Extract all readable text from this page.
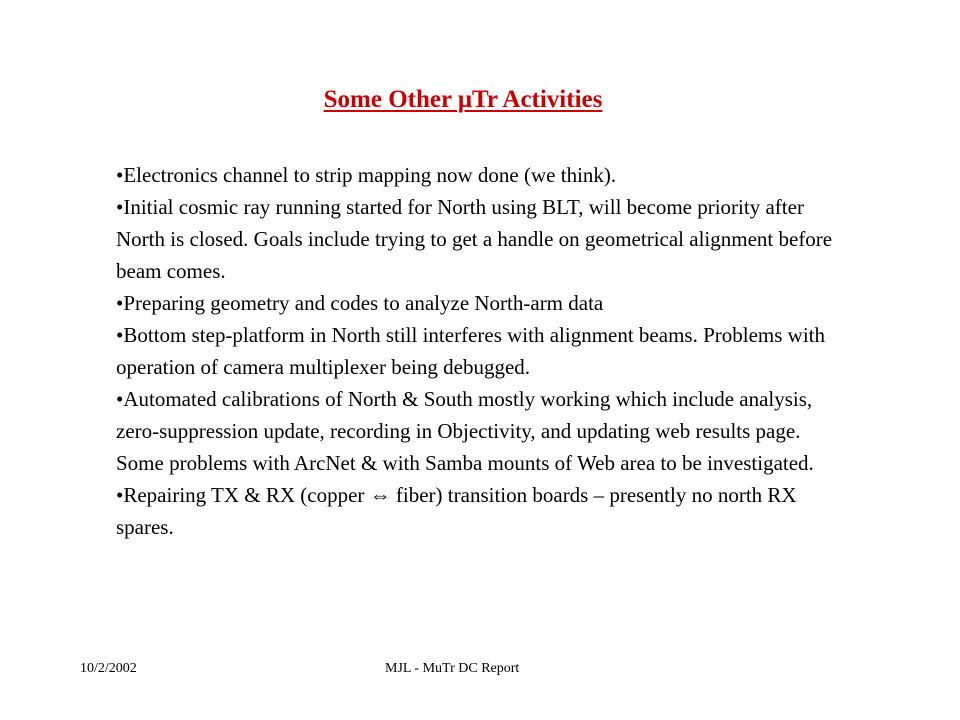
Some Other μTr Activities
•Electronics channel to strip mapping now done (we think).
•Initial cosmic ray running started for North using BLT, will become priority after North is closed. Goals include trying to get a handle on geometrical alignment before beam comes.
•Preparing geometry and codes to analyze North-arm data
•Bottom step-platform in North still interferes with alignment beams. Problems with operation of camera multiplexer being debugged.
•Automated calibrations of North & South mostly working which include analysis, zero-suppression update, recording in Objectivity, and updating web results page. Some problems with ArcNet & with Samba mounts of Web area to be investigated.
•Repairing TX & RX (copper ⇔ fiber) transition boards – presently no north RX spares.
10/2/2002	MJL - MuTr DC Report
